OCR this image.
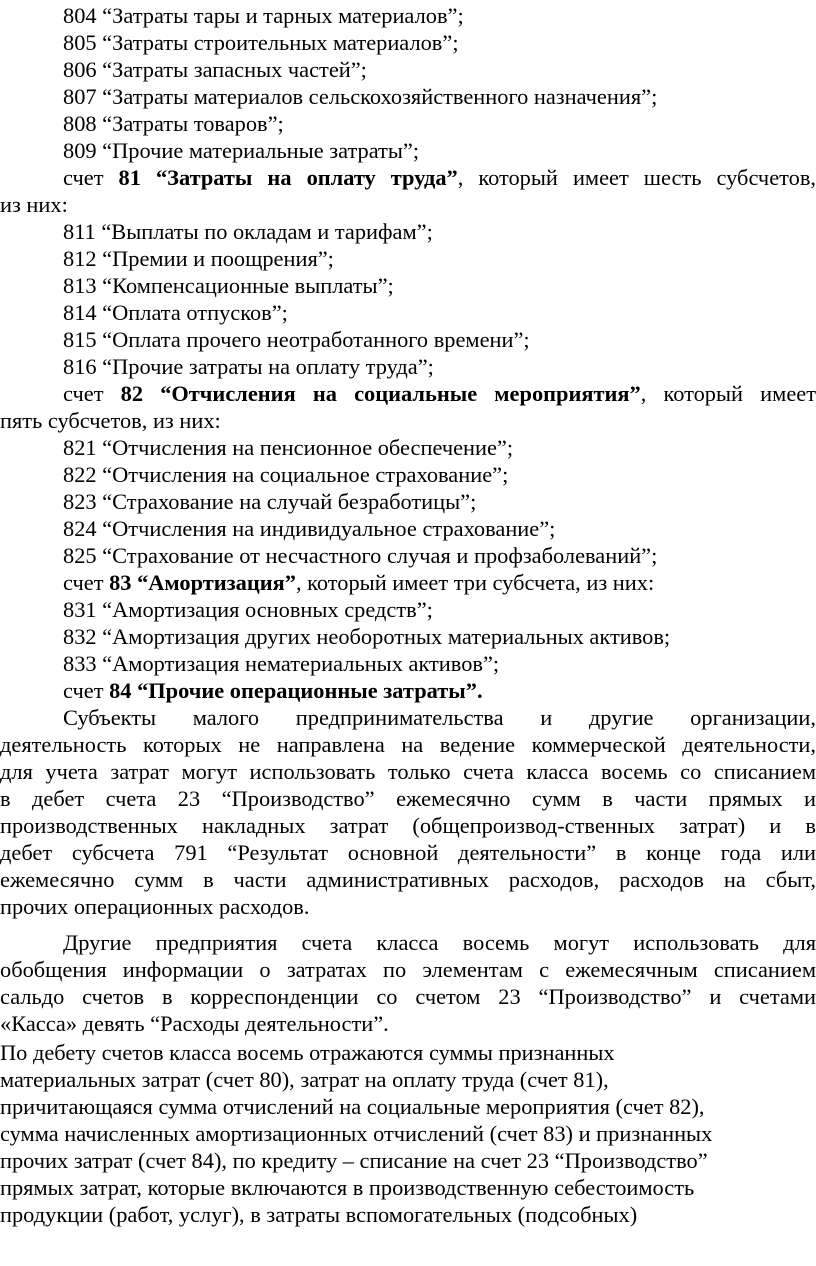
804 “Затраты тары и тарных материалов”;
805 “Затраты строительных материалов”;
806 “Затраты запасных частей”;
807 “Затраты материалов сельскохозяйственного назначения”;
808 “Затраты товаров”;
809 “Прочие материальные затраты”;
счет 81 “Затраты на оплату труда”, который имеет шесть субсчетов,
из них:
811 “Выплаты по окладам и тарифам”;
812 “Премии и поощрения”;
813 “Компенсационные выплаты”;
814 “Оплата отпусков”;
815 “Оплата прочего неотработанного времени”;
816 “Прочие затраты на оплату труда”;
счет 82 “Отчисления на социальные мероприятия”, который имеет
пять субсчетов, из них:
821 “Отчисления на пенсионное обеспечение”;
822 “Отчисления на социальное страхование”;
823 “Страхование на случай безработицы”;
824 “Отчисления на индивидуальное страхование”;
825 “Страхование от несчастного случая и профзаболеваний”;
счет 83 “Амортизация”, который имеет три субсчета, из них:
831 “Амортизация основных средств”;
832 “Амортизация других необоротных материальных активов;
833 “Амортизация нематериальных активов”;
счет 84 “Прочие операционные затраты”.
Субъекты малого предпринимательства и другие организации,
деятельность которых не направлена на ведение коммерческой деятельности,
для учета затрат могут использовать только счета класса восемь со списанием
в дебет счета 23 “Производство” ежемесячно сумм в части прямых и
производственных накладных затрат (общепроизвод-ственных затрат) и в
дебет субсчета 791 “Результат основной деятельности” в конце года или
ежемесячно сумм в части административных расходов, расходов на сбыт,
прочих операционных расходов.
Другие предприятия счета класса восемь могут использовать для
обобщения информации о затратах по элементам с ежемесячным списанием
сальдо счетов в корреспонденции со счетом 23 “Производство” и счетами
«Касса» девять “Расходы деятельности”.
По дебету счетов класса восемь отражаются суммы признанных
материальных затрат (счет 80), затрат на оплату труда (счет 81),
причитающаяся сумма отчислений на социальные мероприятия (счет 82),
сумма начисленных амортизационных отчислений (счет 83) и признанных
прочих затрат (счет 84), по кредиту – списание на счет 23 “Производство”
прямых затрат, которые включаются в производственную себестоимость
продукции (работ, услуг), в затраты вспомогательных (подсобных)
